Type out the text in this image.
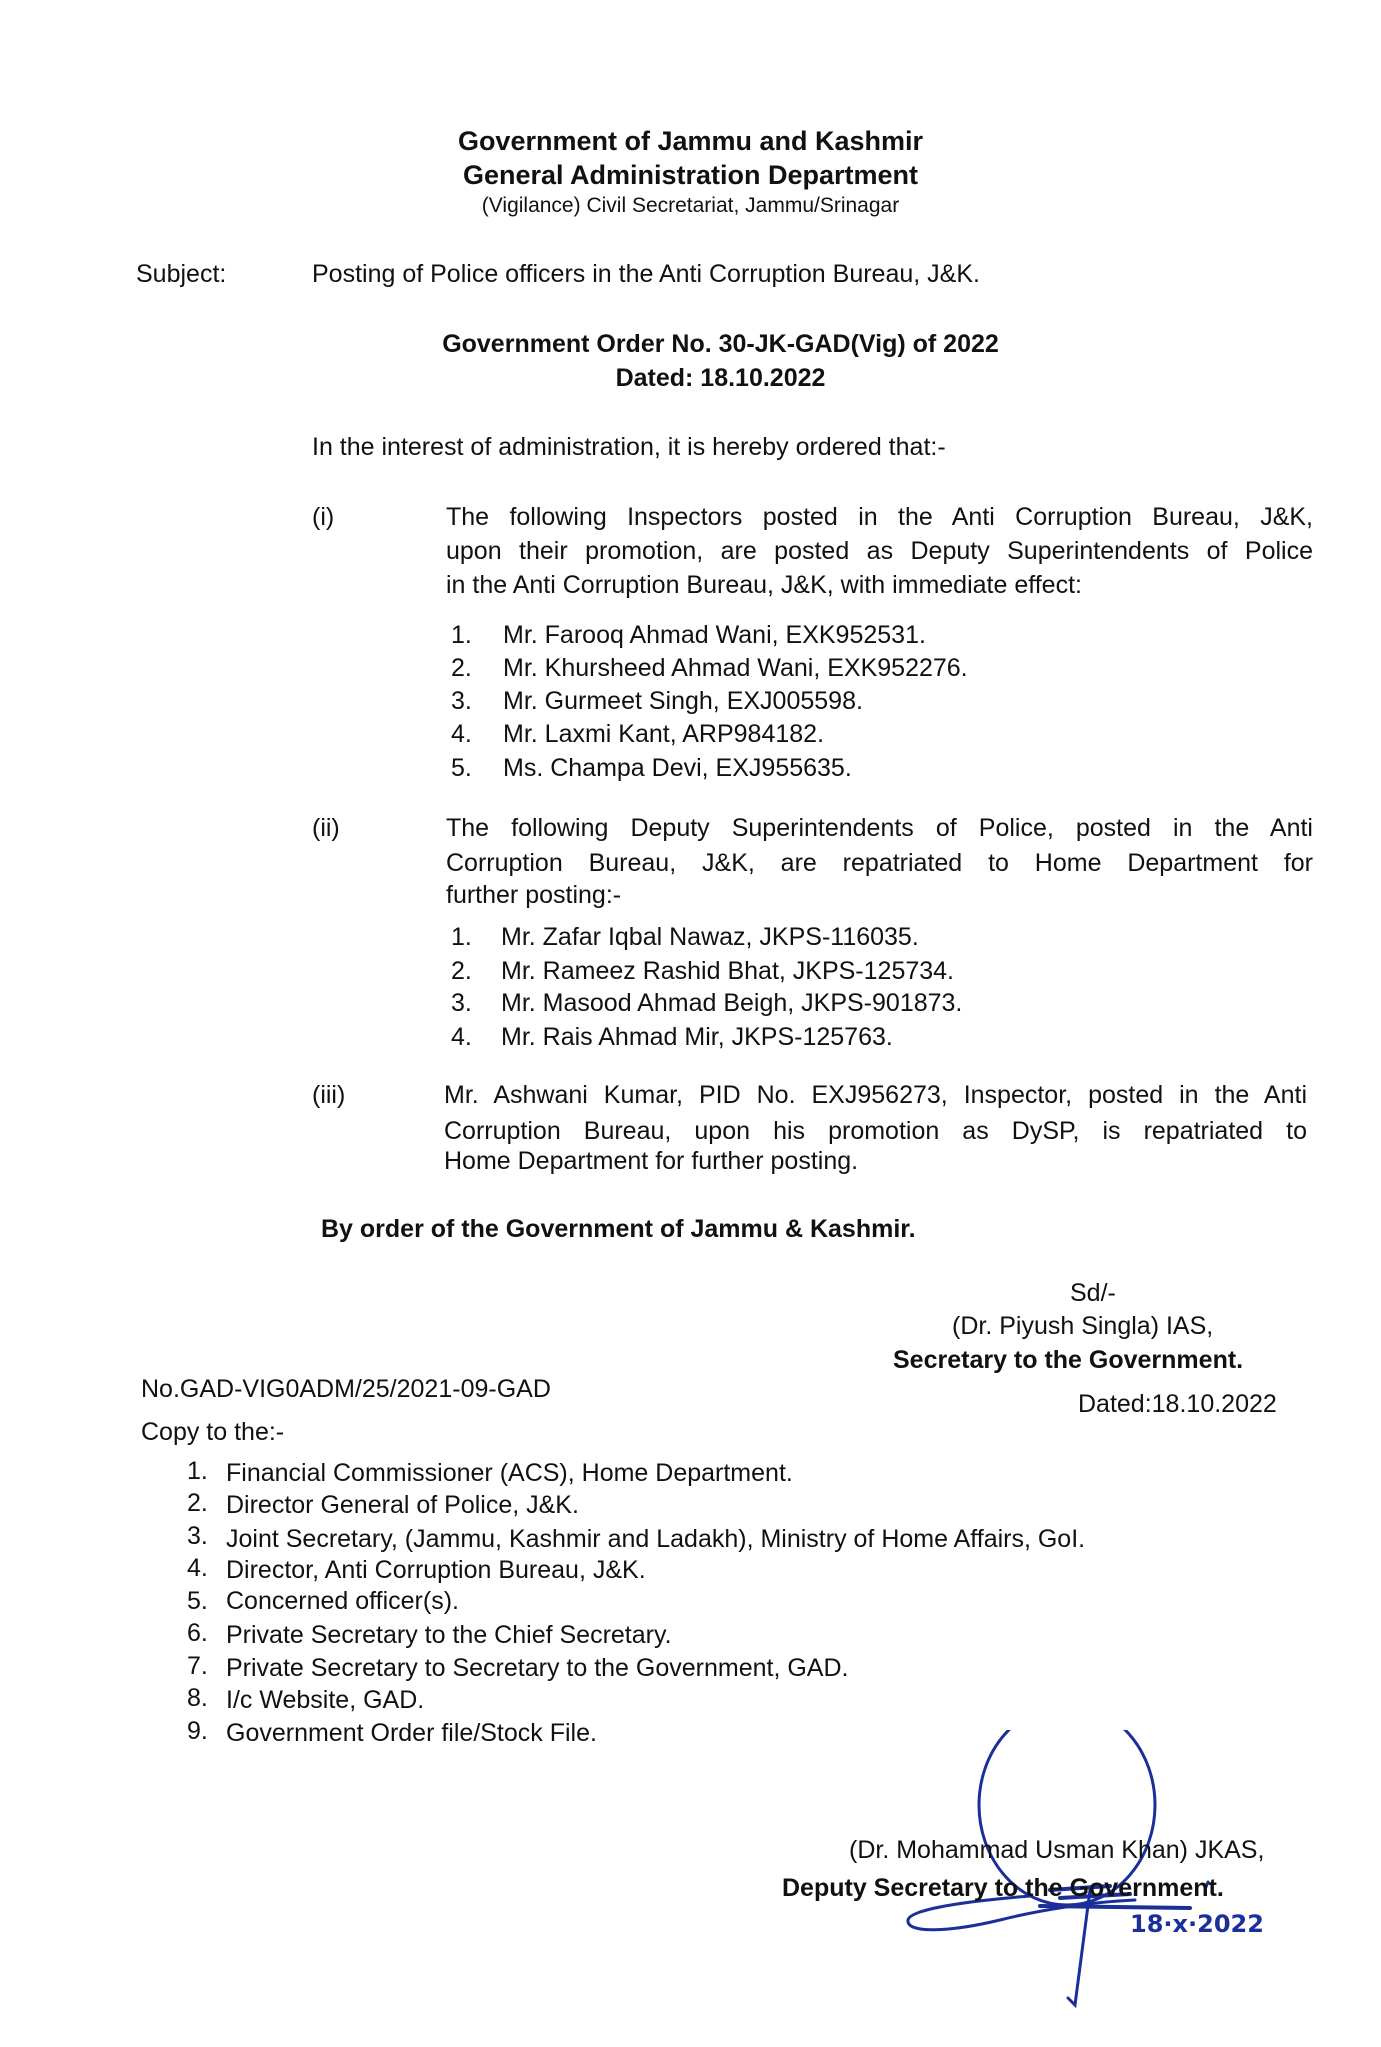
Government of Jammu and Kashmir
General Administration Department
(Vigilance) Civil Secretariat, Jammu/Srinagar
Subject:	Posting of Police officers in the Anti Corruption Bureau, J&K.
Government Order No. 30-JK-GAD(Vig) of 2022
Dated: 18.10.2022
In the interest of administration, it is hereby ordered that:-
(i)	The following Inspectors posted in the Anti Corruption Bureau, J&K,
upon their promotion, are posted as Deputy Superintendents of Police
in the Anti Corruption Bureau, J&K, with immediate effect:
1. Mr. Farooq Ahmad Wani, EXK952531.
2. Mr. Khursheed Ahmad Wani, EXK952276.
3. Mr. Gurmeet Singh, EXJ005598.
4. Mr. Laxmi Kant, ARP984182.
5. Ms. Champa Devi, EXJ955635.
(ii)	The following Deputy Superintendents of Police, posted in the Anti
Corruption Bureau, J&K, are repatriated to Home Department for
further posting:-
1. Mr. Zafar Iqbal Nawaz, JKPS-116035.
2. Mr. Rameez Rashid Bhat, JKPS-125734.
3. Mr. Masood Ahmad Beigh, JKPS-901873.
4. Mr. Rais Ahmad Mir, JKPS-125763.
(iii)	Mr. Ashwani Kumar, PID No. EXJ956273, Inspector, posted in the Anti
Corruption Bureau, upon his promotion as DySP, is repatriated to
Home Department for further posting.
By order of the Government of Jammu & Kashmir.
Sd/-
(Dr. Piyush Singla) IAS,
Secretary to the Government.
No.GAD-VIG0ADM/25/2021-09-GAD
Dated:18.10.2022
Copy to the:-
1. Financial Commissioner (ACS), Home Department.
2. Director General of Police, J&K.
3. Joint Secretary, (Jammu, Kashmir and Ladakh), Ministry of Home Affairs, GoI.
4. Director, Anti Corruption Bureau, J&K.
5. Concerned officer(s).
6. Private Secretary to the Chief Secretary.
7. Private Secretary to Secretary to the Government, GAD.
8. I/c Website, GAD.
9. Government Order file/Stock File.
18·x·2022
(Dr. Mohammad Usman Khan) JKAS,
Deputy Secretary to the Government.
